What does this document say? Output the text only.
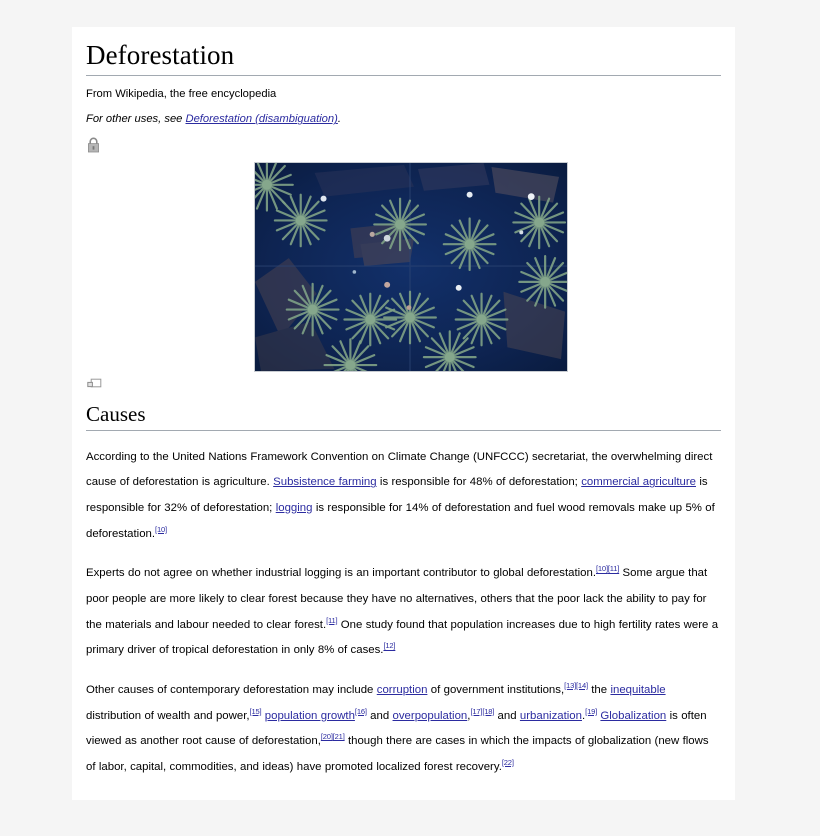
Deforestation
From Wikipedia, the free encyclopedia
For other uses, see Deforestation (disambiguation).
Causes

According to the United Nations Framework Convention on Climate Change (UNFCCC) secretariat, the overwhelming direct cause of deforestation is agriculture. Subsistence farming is responsible for 48% of deforestation; commercial agriculture is responsible for 32% of deforestation; logging is responsible for 14% of deforestation and fuel wood removals make up 5% of deforestation.[10]

Experts do not agree on whether industrial logging is an important contributor to global deforestation.[10][11] Some argue that poor people are more likely to clear forest because they have no alternatives, others that the poor lack the ability to pay for the materials and labour needed to clear forest.[11] One study found that population increases due to high fertility rates were a primary driver of tropical deforestation in only 8% of cases.[12]

Other causes of contemporary deforestation may include corruption of government institutions,[13][14] the inequitable distribution of wealth and power,[15] population growth[16] and overpopulation,[17][18] and urbanization.[19] Globalization is often viewed as another root cause of deforestation,[20][21] though there are cases in which the impacts of globalization (new flows of labor, capital, commodities, and ideas) have promoted localized forest recovery.[22]
